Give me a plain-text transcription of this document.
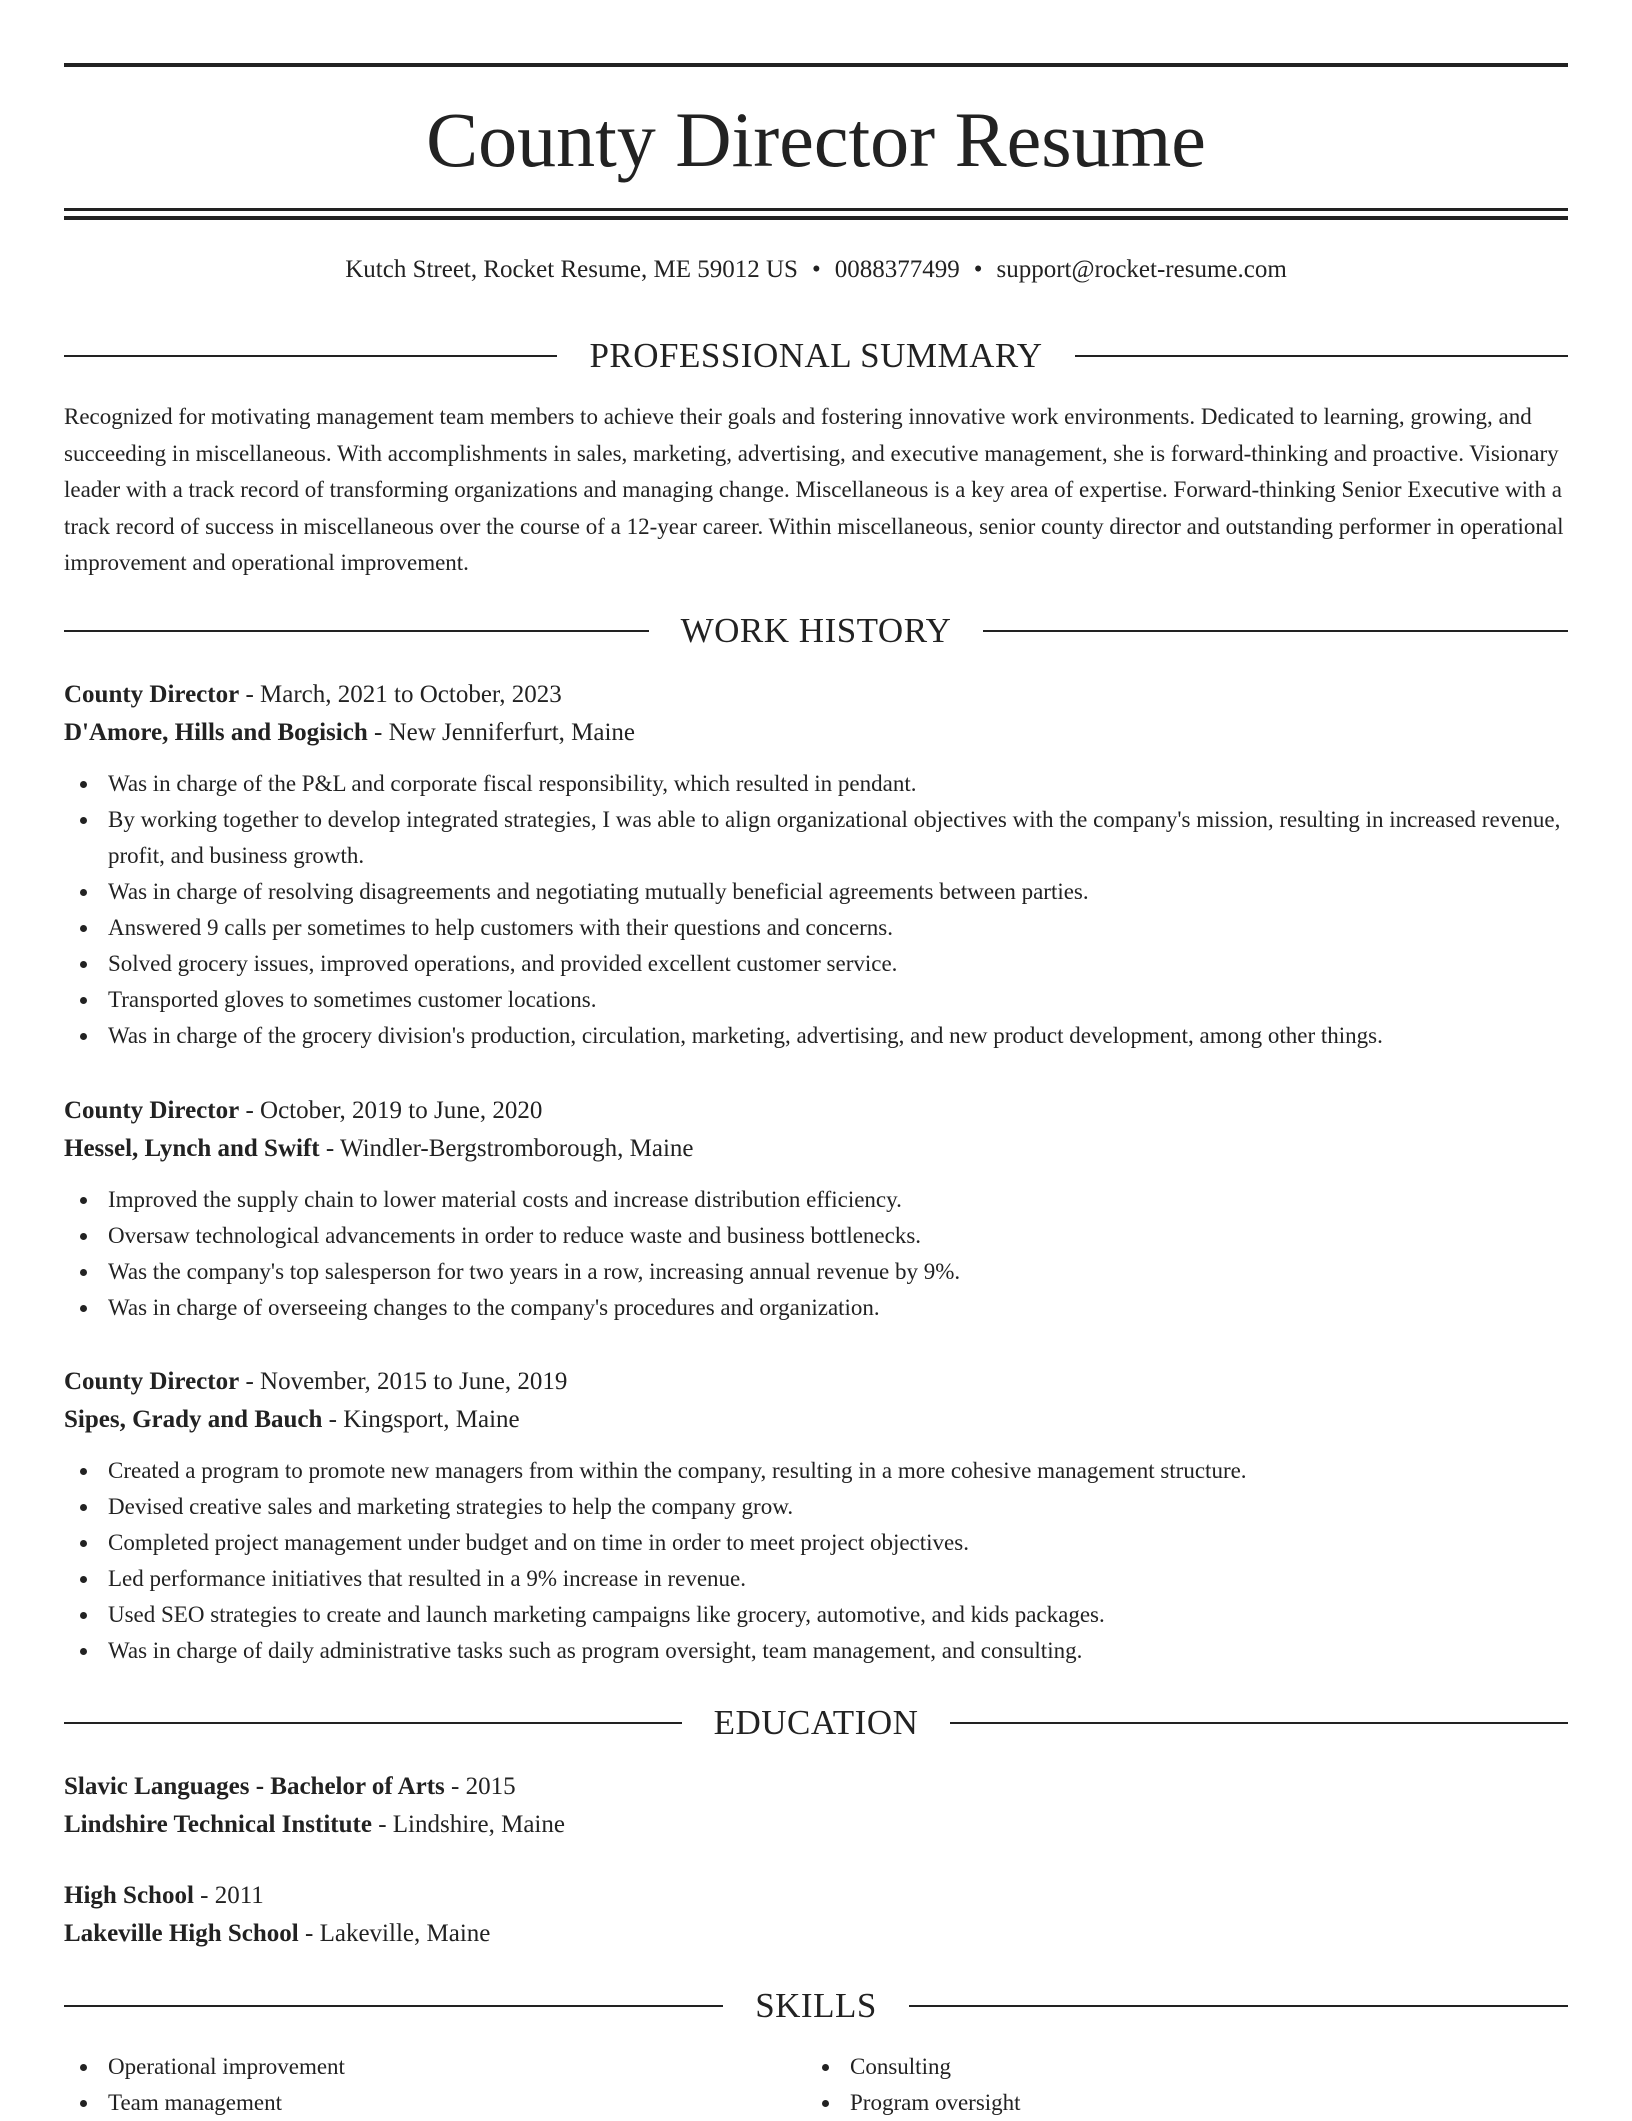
County Director Resume
Kutch Street, Rocket Resume, ME 59012 US • 0088377499 • support@rocket-resume.com
PROFESSIONAL SUMMARY

Recognized for motivating management team members to achieve their goals and fostering innovative work environments. Dedicated to learning, growing, and succeeding in miscellaneous. With accomplishments in sales, marketing, advertising, and executive management, she is forward-thinking and proactive. Visionary leader with a track record of transforming organizations and managing change. Miscellaneous is a key area of expertise. Forward-thinking Senior Executive with a track record of success in miscellaneous over the course of a 12-year career. Within miscellaneous, senior county director and outstanding performer in operational improvement and operational improvement.

WORK HISTORY
County Director - March, 2021 to October, 2023
D'Amore, Hills and Bogisich - New Jenniferfurt, Maine
Was in charge of the P&L and corporate fiscal responsibility, which resulted in pendant.
By working together to develop integrated strategies, I was able to align organizational objectives with the company's mission, resulting in increased revenue, profit, and business growth.
Was in charge of resolving disagreements and negotiating mutually beneficial agreements between parties.
Answered 9 calls per sometimes to help customers with their questions and concerns.
Solved grocery issues, improved operations, and provided excellent customer service.
Transported gloves to sometimes customer locations.
Was in charge of the grocery division's production, circulation, marketing, advertising, and new product development, among other things.
County Director - October, 2019 to June, 2020
Hessel, Lynch and Swift - Windler-Bergstromborough, Maine
Improved the supply chain to lower material costs and increase distribution efficiency.
Oversaw technological advancements in order to reduce waste and business bottlenecks.
Was the company's top salesperson for two years in a row, increasing annual revenue by 9%.
Was in charge of overseeing changes to the company's procedures and organization.
County Director - November, 2015 to June, 2019
Sipes, Grady and Bauch - Kingsport, Maine
Created a program to promote new managers from within the company, resulting in a more cohesive management structure.
Devised creative sales and marketing strategies to help the company grow.
Completed project management under budget and on time in order to meet project objectives.
Led performance initiatives that resulted in a 9% increase in revenue.
Used SEO strategies to create and launch marketing campaigns like grocery, automotive, and kids packages.
Was in charge of daily administrative tasks such as program oversight, team management, and consulting.
EDUCATION
Slavic Languages - Bachelor of Arts - 2015
Lindshire Technical Institute - Lindshire, Maine
High School - 2011
Lakeville High School - Lakeville, Maine
SKILLS
Operational improvement
Team management
Consulting
Program oversight
